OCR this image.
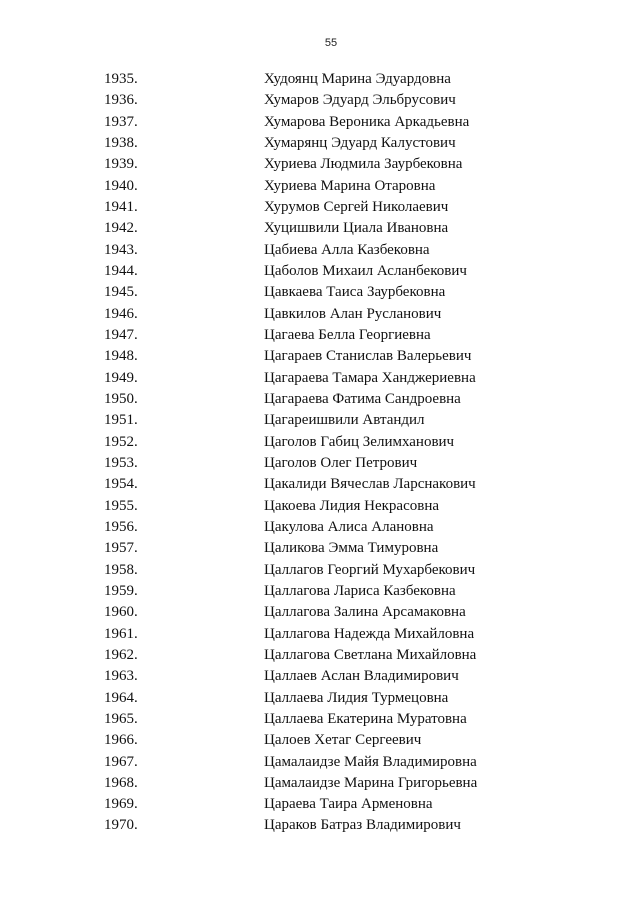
55
1935.	Худоянц Марина Эдуардовна
1936.	Хумаров Эдуард Эльбрусович
1937.	Хумарова Вероника Аркадьевна
1938.	Хумарянц Эдуард Калустович
1939.	Хуриева Людмила Заурбековна
1940.	Хуриева Марина Отаровна
1941.	Хурумов Сергей Николаевич
1942.	Хуцишвили Циала Ивановна
1943.	Цабиева Алла Казбековна
1944.	Цаболов Михаил Асланбекович
1945.	Цавкаева Таиса Заурбековна
1946.	Цавкилов Алан Русланович
1947.	Цагаева Белла Георгиевна
1948.	Цагараев Станислав Валерьевич
1949.	Цагараева Тамара Ханджериевна
1950.	Цагараева Фатима Сандроевна
1951.	Цагареишвили Автандил
1952.	Цаголов Габиц Зелимханович
1953.	Цаголов Олег Петрович
1954.	Цакалиди Вячеслав Ларснакович
1955.	Цакоева Лидия Некрасовна
1956.	Цакулова Алиса Алановна
1957.	Цаликова Эмма Тимуровна
1958.	Цаллагов Георгий Мухарбекович
1959.	Цаллагова Лариса Казбековна
1960.	Цаллагова Залина Арсамаковна
1961.	Цаллагова Надежда Михайловна
1962.	Цаллагова Светлана Михайловна
1963.	Цаллаев Аслан Владимирович
1964.	Цаллаева Лидия Турмецовна
1965.	Цаллаева Екатерина Муратовна
1966.	Цалоев Хетаг Сергеевич
1967.	Цамалаидзе Майя Владимировна
1968.	Цамалаидзе Марина Григорьевна
1969.	Цараева Таира Арменовна
1970.	Цараков Батраз Владимирович
